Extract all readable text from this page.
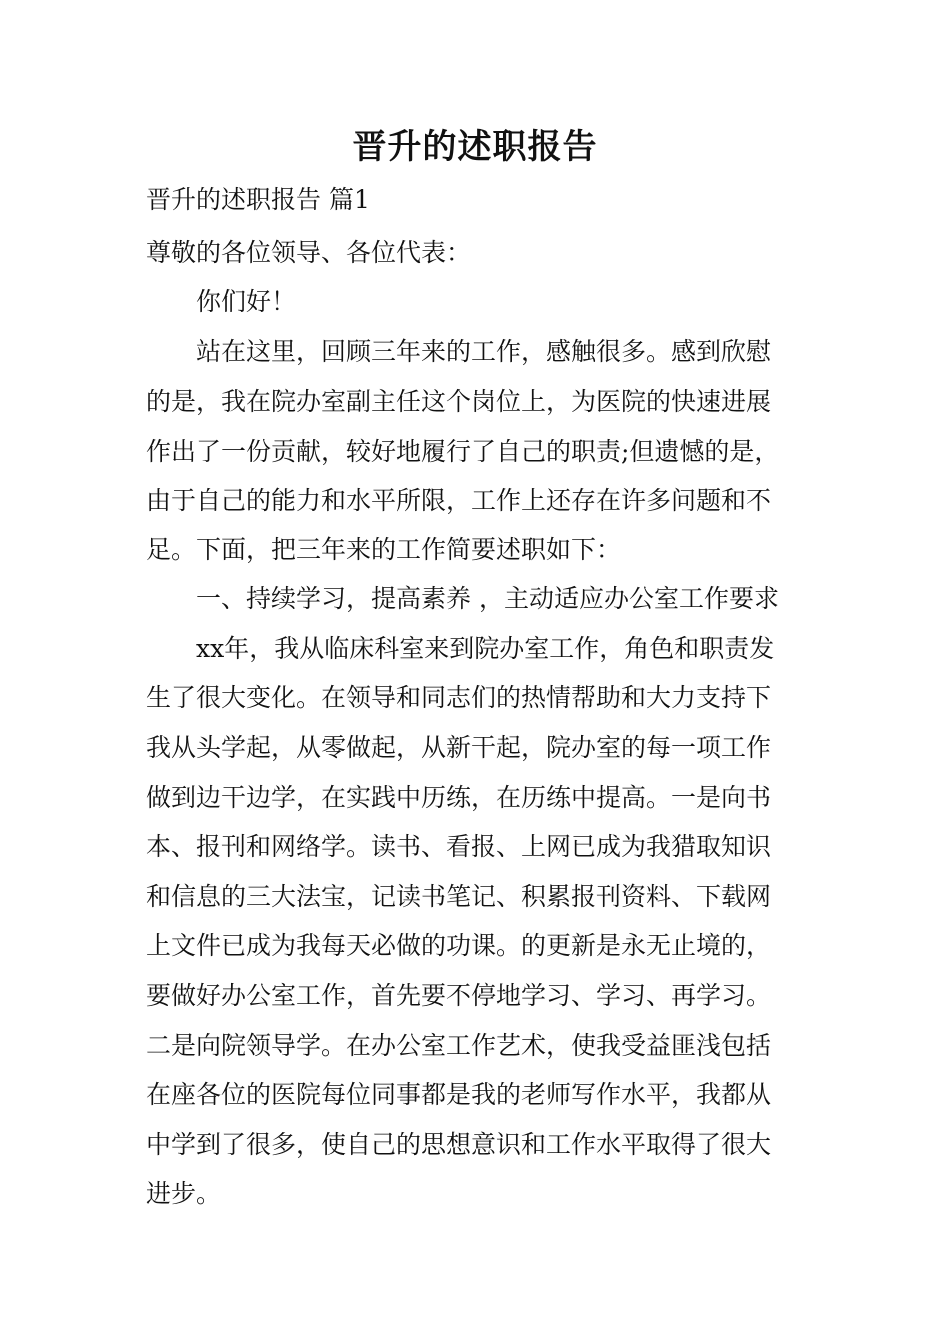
晋升的述职报告
晋升的述职报告 篇1
尊敬的各位领导、各位代表：
你们好！
站在这里，回顾三年来的工作，感触很多。感到欣慰
的是，我在院办室副主任这个岗位上，为医院的快速进展
作出了一份贡献，较好地履行了自己的职责;但遗憾的是，
由于自己的能力和水平所限，工作上还存在许多问题和不
足。下面，把三年来的工作简要述职如下：
一、持续学习，提高素养 ，主动适应办公室工作要求
xx年，我从临床科室来到院办室工作，角色和职责发
生了很大变化。在领导和同志们的热情帮助和大力支持下
我从头学起，从零做起，从新干起，院办室的每一项工作
做到边干边学，在实践中历练，在历练中提高。一是向书
本、报刊和网络学。读书、看报、上网已成为我猎取知识
和信息的三大法宝，记读书笔记、积累报刊资料、下载网
上文件已成为我每天必做的功课。的更新是永无止境的，
要做好办公室工作，首先要不停地学习、学习、再学习。
二是向院领导学。在办公室工作艺术，使我受益匪浅包括
在座各位的医院每位同事都是我的老师写作水平，我都从
中学到了很多，使自己的思想意识和工作水平取得了很大
进步。
